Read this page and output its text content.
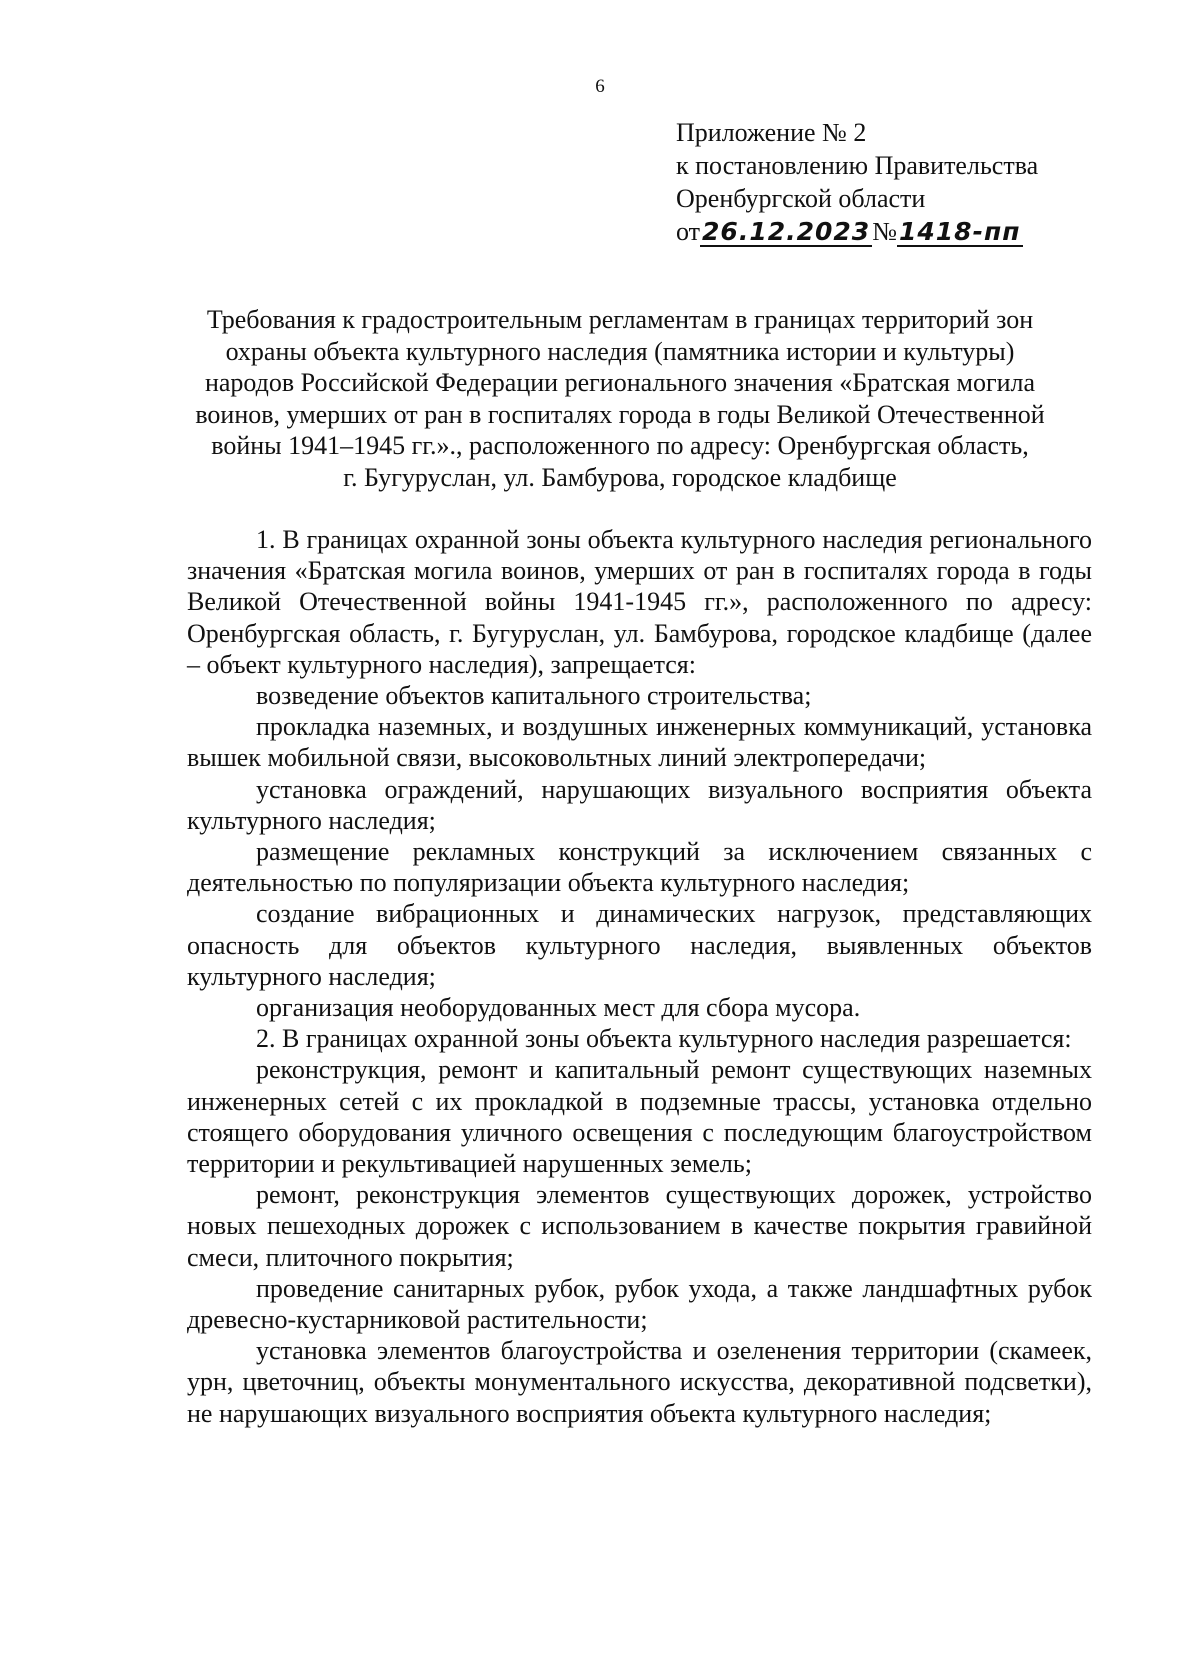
6
Приложение № 2
к постановлению Правительства
Оренбургской области
от26.12.2023№1418-пп
Требования к градостроительным регламентам в границах территорий зон
охраны объекта культурного наследия (памятника истории и культуры)
народов Российской Федерации регионального значения «Братская могила
воинов, умерших от ран в госпиталях города в годы Великой Отечественной
войны 1941–1945 гг.»., расположенного по адресу: Оренбургская область,
г. Бугуруслан, ул. Бамбурова, городское кладбище

1. В границах охранной зоны объекта культурного наследия регионального значения «Братская могила воинов, умерших от ран в госпиталях города в годы Великой Отечественной войны 1941-1945 гг.», расположенного по адресу: Оренбургская область, г. Бугуруслан, ул. Бамбурова, городское кладбище (далее – объект культурного наследия), запрещается:

возведение объектов капитального строительства;

прокладка наземных, и воздушных инженерных коммуникаций, установка вышек мобильной связи, высоковольтных линий электропередачи;

установка ограждений, нарушающих визуального восприятия объекта культурного наследия;

размещение рекламных конструкций за исключением связанных с деятельностью по популяризации объекта культурного наследия;

создание вибрационных и динамических нагрузок, представляющих опасность для объектов культурного наследия, выявленных объектов культурного наследия;

организация необорудованных мест для сбора мусора.

2. В границах охранной зоны объекта культурного наследия разрешается:

реконструкция, ремонт и капитальный ремонт существующих наземных инженерных сетей с их прокладкой в подземные трассы, установка отдельно стоящего оборудования уличного освещения с последующим благоустройством территории и рекультивацией нарушенных земель;

ремонт, реконструкция элементов существующих дорожек, устройство новых пешеходных дорожек с использованием в качестве покрытия гравийной смеси, плиточного покрытия;

проведение санитарных рубок, рубок ухода, а также ландшафтных рубок древесно-кустарниковой растительности;

установка элементов благоустройства и озеленения территории (скамеек, урн, цветочниц, объекты монументального искусства, декоративной подсветки), не нарушающих визуального восприятия объекта культурного наследия;
